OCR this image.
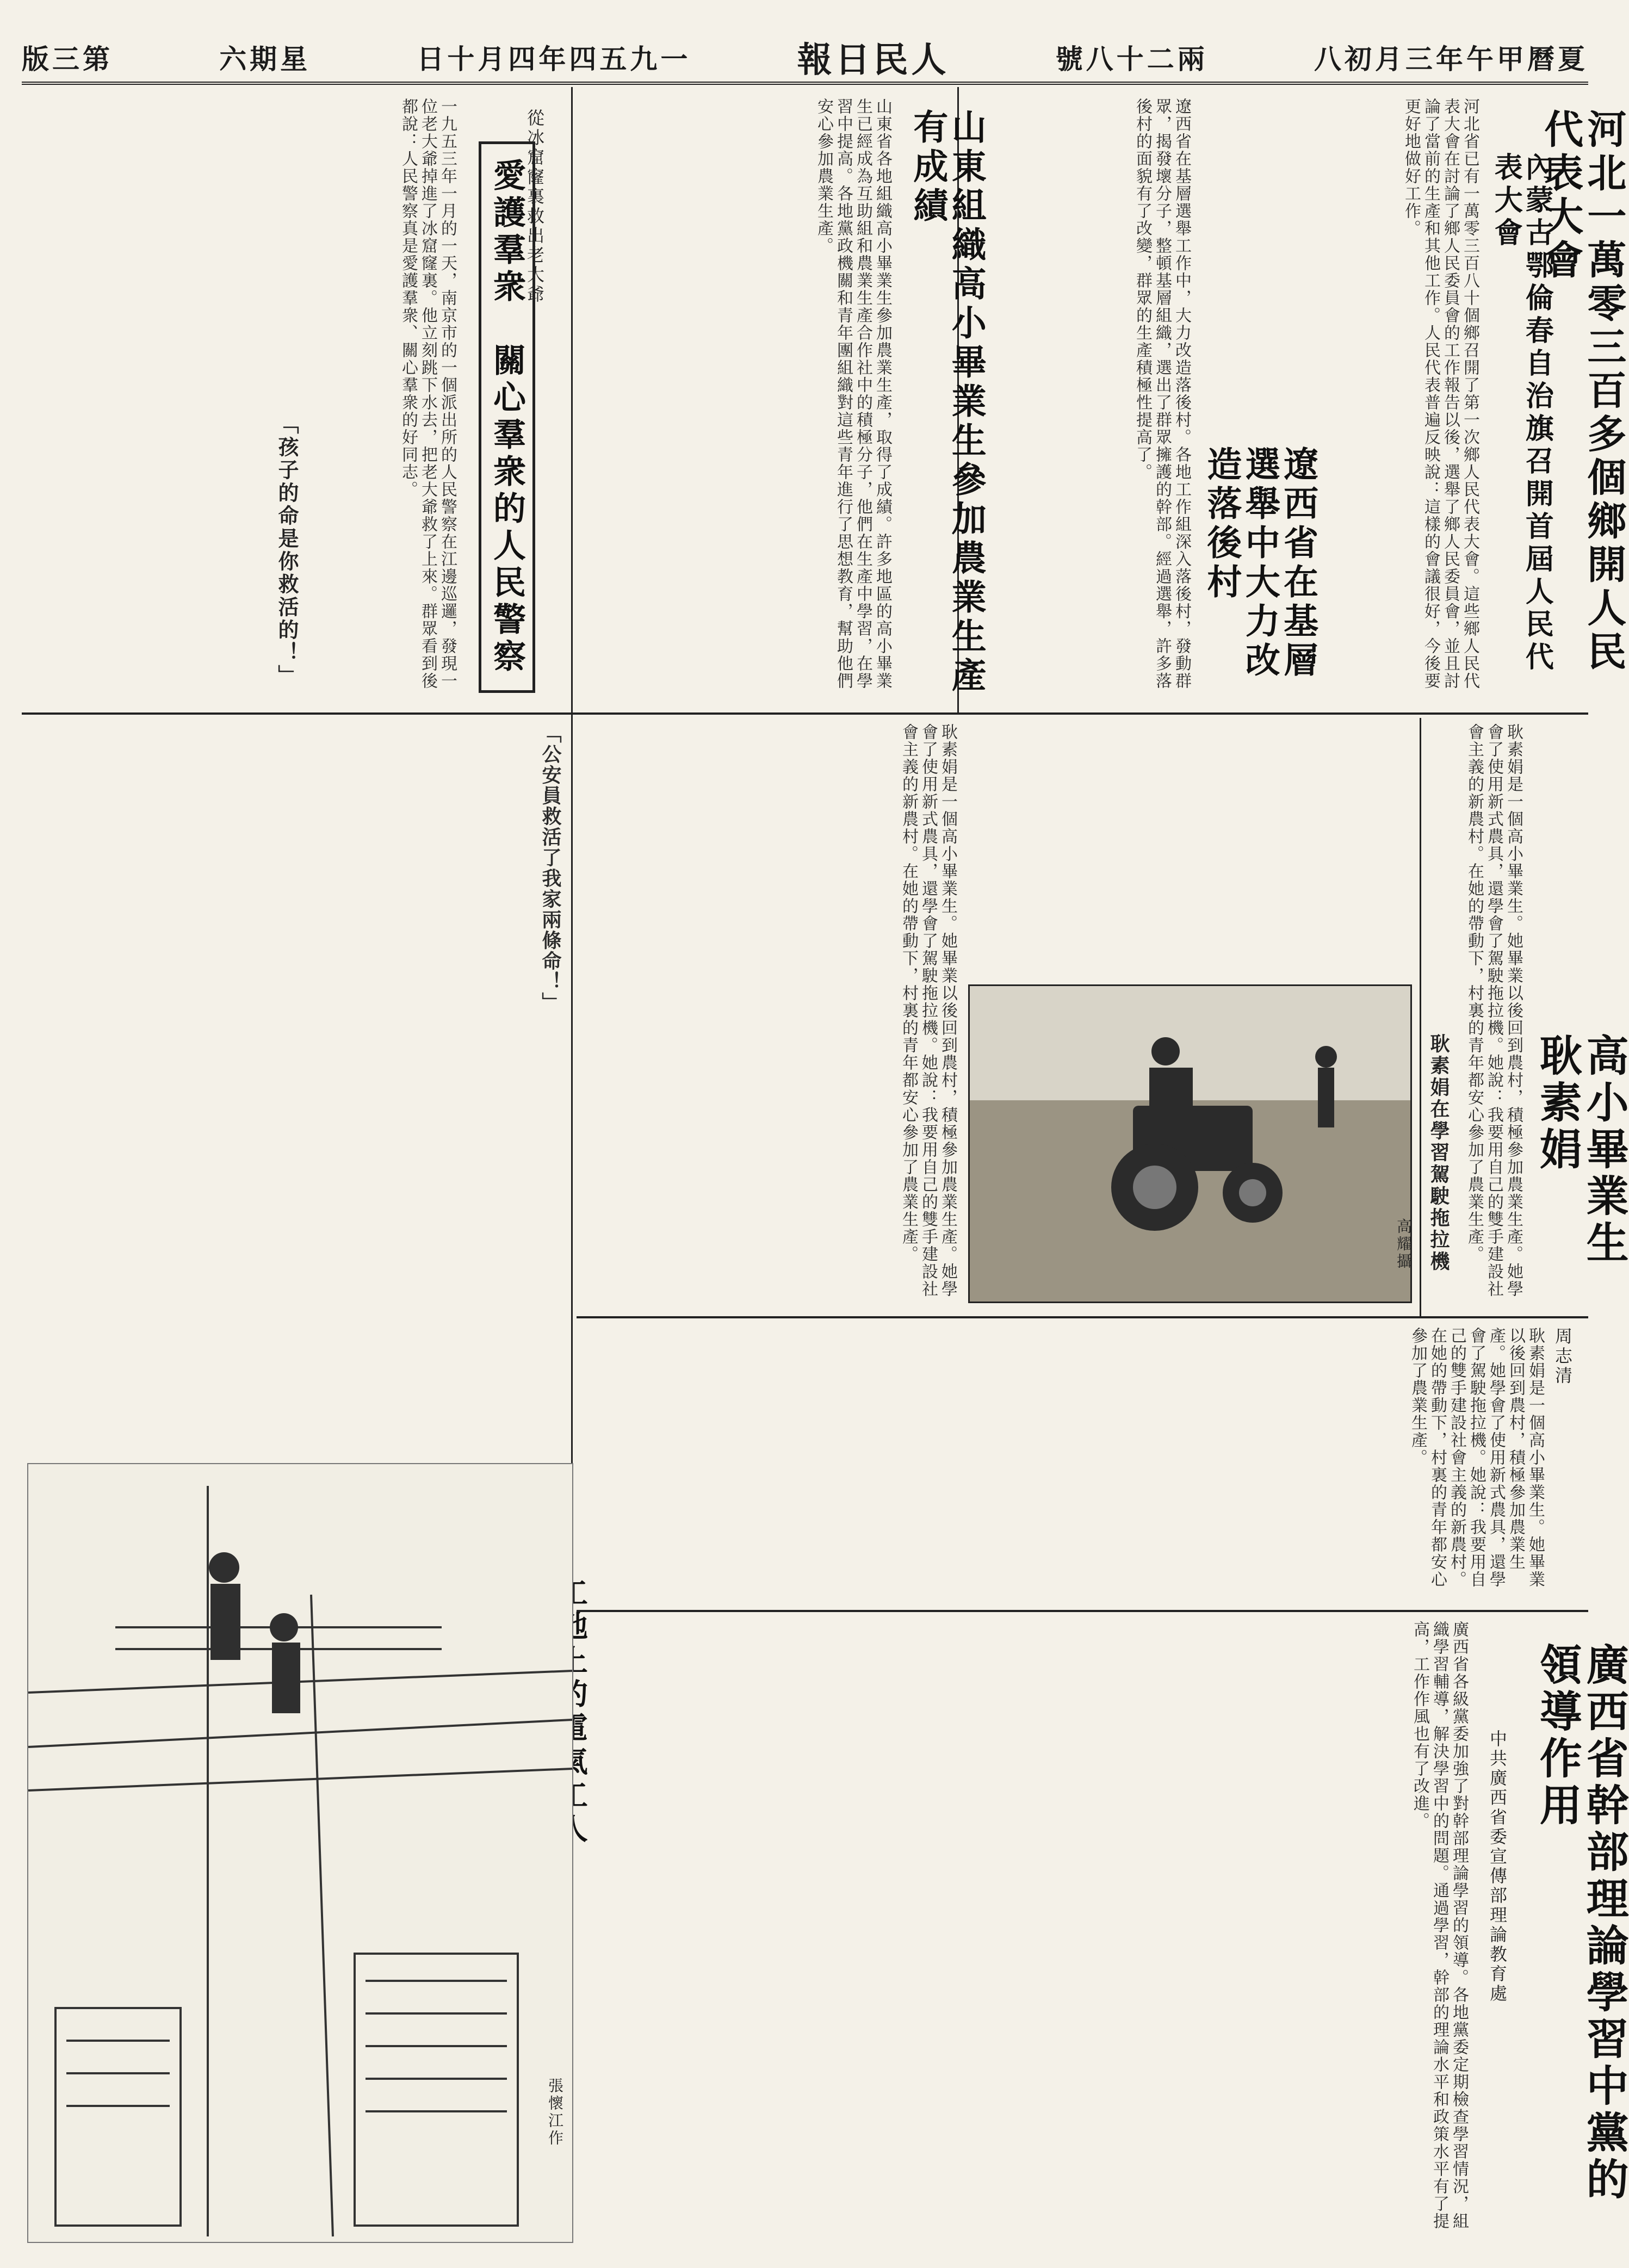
版三第	六期星	日十月四年四五九一	報日民人	號八十二兩	八初月三年午甲曆夏
河北一萬零三百多個鄉開人民代表大會
內蒙古鄂倫春自治旗召開首屆人民代表大會
河北省已有一萬零三百八十個鄉召開了第一次鄉人民代表大會。這些鄉人民代表大會在討論了鄉人民委員會的工作報告以後，選舉了鄉人民委員會，並且討論了當前的生產和其他工作。人民代表普遍反映說：這樣的會議很好，今後要更好地做好工作。
遼西省在基層選舉中大力改造落後村
遼西省在基層選舉工作中，大力改造落後村。各地工作組深入落後村，發動群眾，揭發壞分子，整頓基層組織，選出了群眾擁護的幹部。經過選舉，許多落後村的面貌有了改變，群眾的生產積極性提高了。
山東組織高小畢業生參加農業生產有成績
山東省各地組織高小畢業生參加農業生產，取得了成績。許多地區的高小畢業生已經成為互助組和農業生產合作社中的積極分子，他們在生產中學習，在學習中提高。各地黨政機關和青年團組織對這些青年進行了思想教育，幫助他們安心參加農業生產。
愛護羣衆　關心羣衆的人民警察
從冰窟窿裏救出老大爺
一九五三年一月的一天，南京市的一個派出所的人民警察在江邊巡邏，發現一位老大爺掉進了冰窟窿裏。他立刻跳下水去，把老大爺救了上來。群眾看到後都說：人民警察真是愛護羣衆、關心羣衆的好同志。
「孩子的命是你救活的！」
「公安員救活了我家兩條命！」
高小畢業生耿素娟
周志清
耿素娟是一個高小畢業生。她畢業以後回到農村，積極參加農業生產。她學會了使用新式農具，還學會了駕駛拖拉機。她說：我要用自己的雙手建設社會主義的新農村。在她的帶動下，村裏的青年都安心參加了農業生產。
耿素娟是一個高小畢業生。她畢業以後回到農村，積極參加農業生產。她學會了使用新式農具，還學會了駕駛拖拉機。她說：我要用自己的雙手建設社會主義的新農村。在她的帶動下，村裏的青年都安心參加了農業生產。
耿素娟是一個高小畢業生。她畢業以後回到農村，積極參加農業生產。她學會了使用新式農具，還學會了駕駛拖拉機。她說：我要用自己的雙手建設社會主義的新農村。在她的帶動下，村裏的青年都安心參加了農業生產。	耿素娟在學習駕駛拖拉機
高耀攝
廣西省幹部理論學習中黨的領導作用
中共廣西省委宣傳部理論教育處
廣西省各級黨委加強了對幹部理論學習的領導。各地黨委定期檢查學習情況，組織學習輔導，解決學習中的問題。通過學習，幹部的理論水平和政策水平有了提高，工作作風也有了改進。
張懷江作
